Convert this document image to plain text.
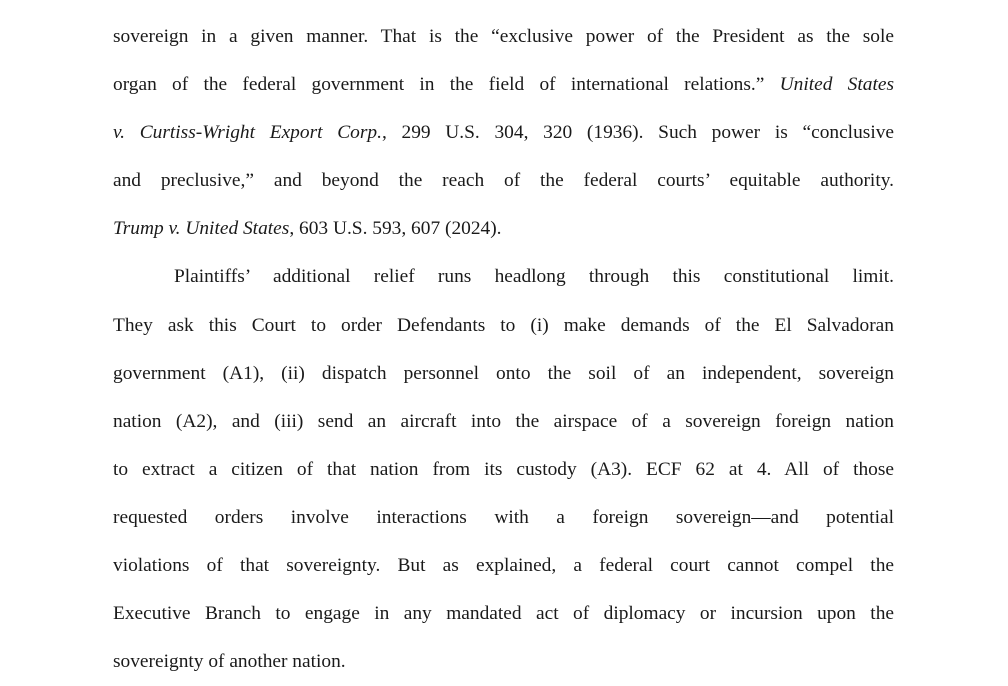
sovereign in a given manner. That is the “exclusive power of the President as the sole
organ of the federal government in the field of international relations.” United States
v. Curtiss-Wright Export Corp., 299 U.S. 304, 320 (1936). Such power is “conclusive
and preclusive,” and beyond the reach of the federal courts’ equitable authority.
Trump v. United States, 603 U.S. 593, 607 (2024).

Plaintiffs’ additional relief runs headlong through this constitutional limit.
They ask this Court to order Defendants to (i) make demands of the El Salvadoran
government (A1), (ii) dispatch personnel onto the soil of an independent, sovereign
nation (A2), and (iii) send an aircraft into the airspace of a sovereign foreign nation
to extract a citizen of that nation from its custody (A3). ECF 62 at 4. All of those
requested orders involve interactions with a foreign sovereign—and potential
violations of that sovereignty. But as explained, a federal court cannot compel the
Executive Branch to engage in any mandated act of diplomacy or incursion upon the
sovereignty of another nation.
